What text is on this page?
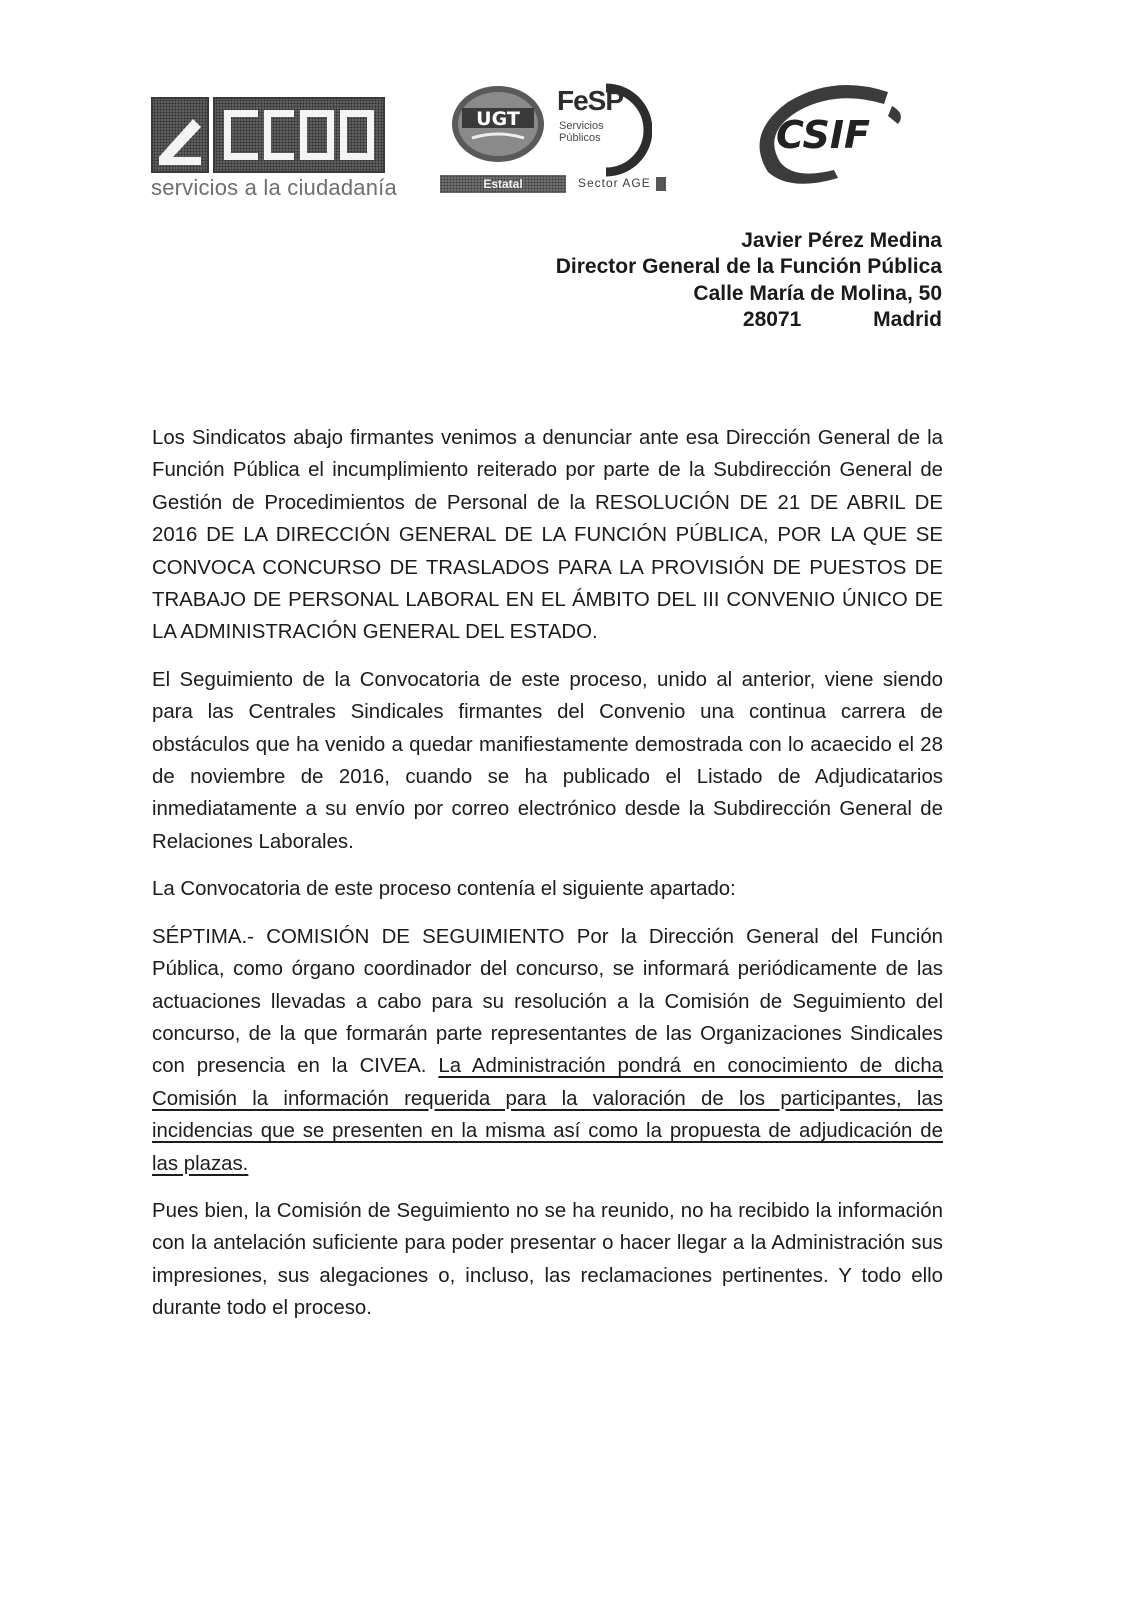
servicios a la ciudadanía
UGT
FeSP
Servicios
Públicos
Estatal	Sector AGE
CSIF
Javier Pérez Medina
Director General de la Función Pública
Calle María de Molina, 50
28071	Madrid

Los Sindicatos abajo firmantes venimos a denunciar ante esa Dirección General de la Función Pública el incumplimiento reiterado por parte de la Subdirección General de Gestión de Procedimientos de Personal de la RESOLUCIÓN DE 21 DE ABRIL DE 2016 DE LA DIRECCIÓN GENERAL DE LA FUNCIÓN PÚBLICA, POR LA QUE SE CONVOCA CONCURSO DE TRASLADOS PARA LA PROVISIÓN DE PUESTOS DE TRABAJO DE PERSONAL LABORAL EN EL ÁMBITO DEL III CONVENIO ÚNICO DE LA ADMINISTRACIÓN GENERAL DEL ESTADO.

El Seguimiento de la Convocatoria de este proceso, unido al anterior, viene siendo para las Centrales Sindicales firmantes del Convenio una continua carrera de obstáculos que ha venido a quedar manifiestamente demostrada con lo acaecido el 28 de noviembre de 2016, cuando se ha publicado el Listado de Adjudicatarios inmediatamente a su envío por correo electrónico desde la Subdirección General de Relaciones Laborales.

La Convocatoria de este proceso contenía el siguiente apartado:

SÉPTIMA.- COMISIÓN DE SEGUIMIENTO Por la Dirección General del Función Pública, como órgano coordinador del concurso, se informará periódicamente de las actuaciones llevadas a cabo para su resolución a la Comisión de Seguimiento del concurso, de la que formarán parte representantes de las Organizaciones Sindicales con presencia en la CIVEA. La Administración pondrá en conocimiento de dicha Comisión la información requerida para la valoración de los participantes, las incidencias que se presenten en la misma así como la propuesta de adjudicación de las plazas.

Pues bien, la Comisión de Seguimiento no se ha reunido, no ha recibido la información con la antelación suficiente para poder presentar o hacer llegar a la Administración sus impresiones, sus alegaciones o, incluso, las reclamaciones pertinentes. Y todo ello durante todo el proceso.
